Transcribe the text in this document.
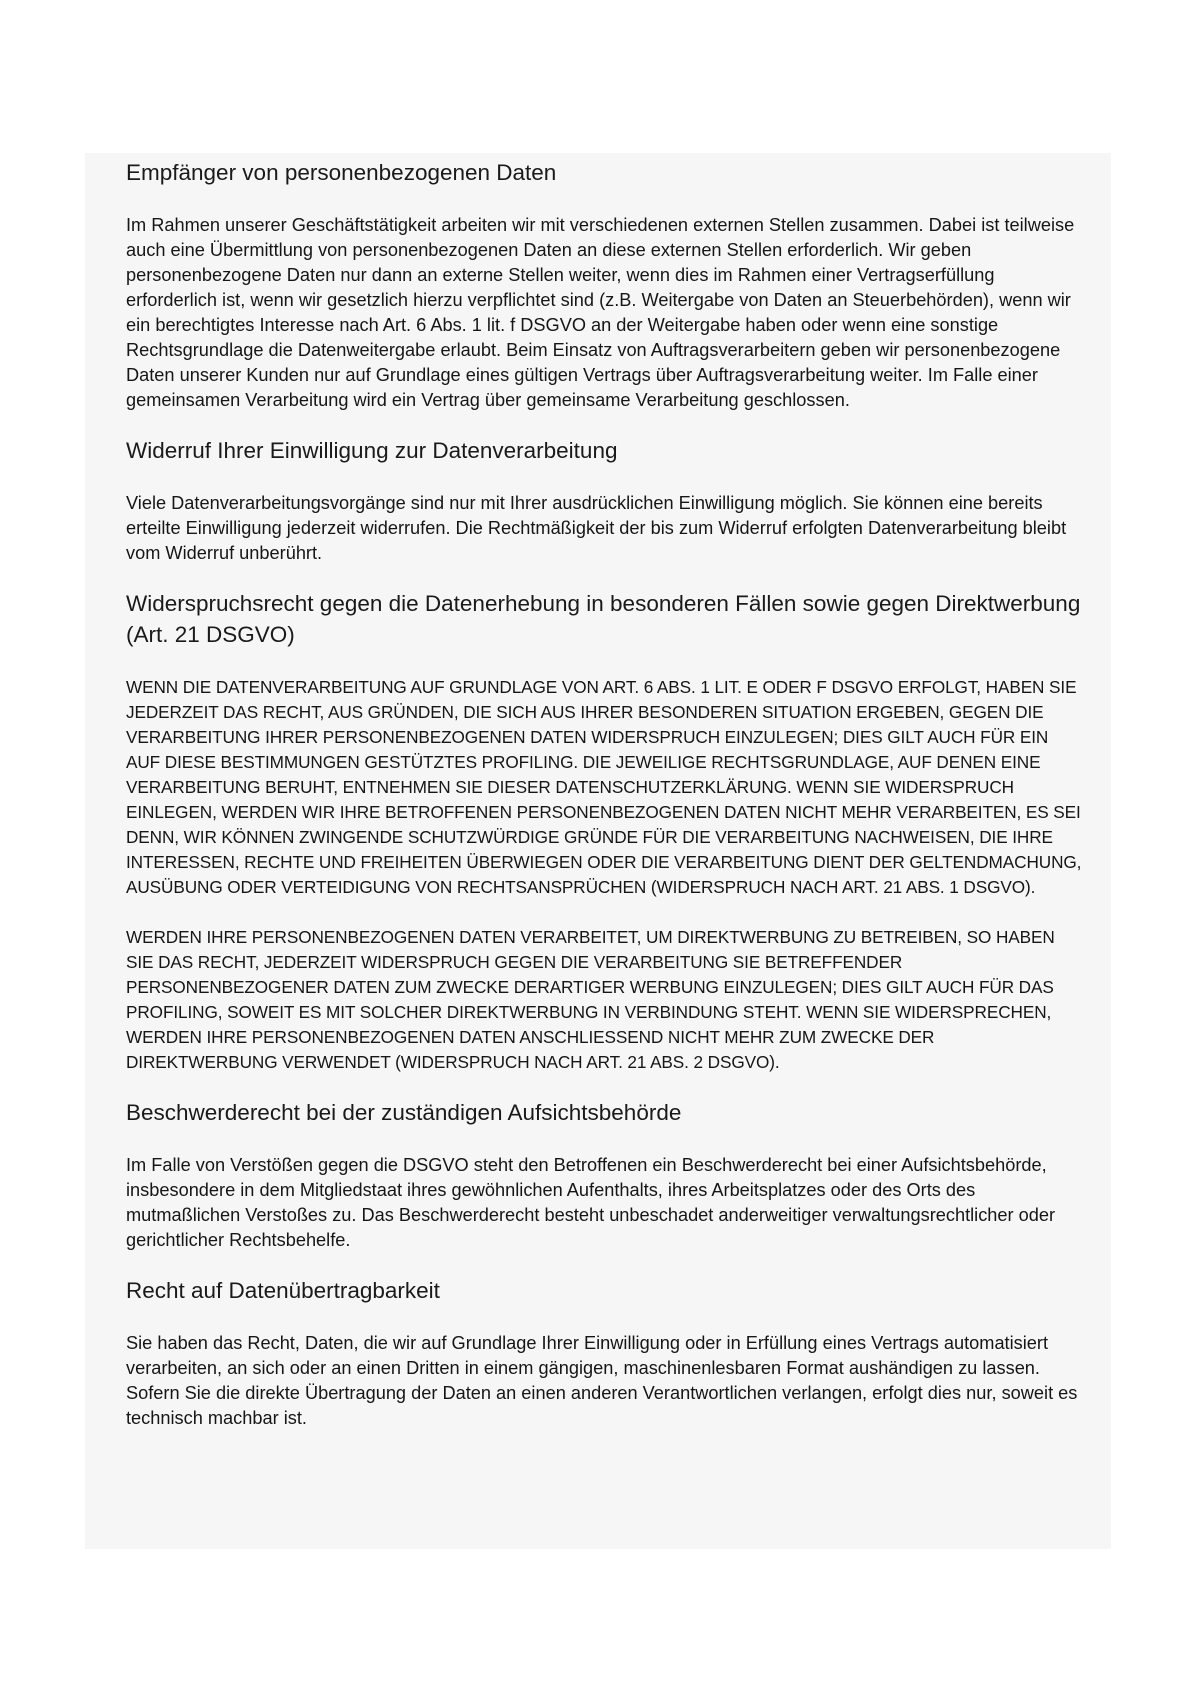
Empfänger von personenbezogenen Daten

Im Rahmen unserer Geschäftstätigkeit arbeiten wir mit verschiedenen externen Stellen zusammen. Dabei ist teilweise auch eine Übermittlung von personenbezogenen Daten an diese externen Stellen erforderlich. Wir geben personenbezogene Daten nur dann an externe Stellen weiter, wenn dies im Rahmen einer Vertragserfüllung erforderlich ist, wenn wir gesetzlich hierzu verpflichtet sind (z.B. Weitergabe von Daten an Steuerbehörden), wenn wir ein berechtigtes Interesse nach Art. 6 Abs. 1 lit. f DSGVO an der Weitergabe haben oder wenn eine sonstige Rechtsgrundlage die Datenweitergabe erlaubt. Beim Einsatz von Auftragsverarbeitern geben wir personenbezogene Daten unserer Kunden nur auf Grundlage eines gültigen Vertrags über Auftragsverarbeitung weiter. Im Falle einer gemeinsamen Verarbeitung wird ein Vertrag über gemeinsame Verarbeitung geschlossen.

Widerruf Ihrer Einwilligung zur Datenverarbeitung

Viele Datenverarbeitungsvorgänge sind nur mit Ihrer ausdrücklichen Einwilligung möglich. Sie können eine bereits erteilte Einwilligung jederzeit widerrufen. Die Rechtmäßigkeit der bis zum Widerruf erfolgten Datenverarbeitung bleibt vom Widerruf unberührt.

Widerspruchsrecht gegen die Datenerhebung in besonderen Fällen sowie gegen Direktwerbung (Art. 21 DSGVO)

WENN DIE DATENVERARBEITUNG AUF GRUNDLAGE VON ART. 6 ABS. 1 LIT. E ODER F DSGVO ERFOLGT, HABEN SIE JEDERZEIT DAS RECHT, AUS GRÜNDEN, DIE SICH AUS IHRER BESONDEREN SITUATION ERGEBEN, GEGEN DIE VERARBEITUNG IHRER PERSONENBEZOGENEN DATEN WIDERSPRUCH EINZULEGEN; DIES GILT AUCH FÜR EIN AUF DIESE BESTIMMUNGEN GESTÜTZTES PROFILING. DIE JEWEILIGE RECHTSGRUNDLAGE, AUF DENEN EINE VERARBEITUNG BERUHT, ENTNEHMEN SIE DIESER DATENSCHUTZERKLÄRUNG. WENN SIE WIDERSPRUCH EINLEGEN, WERDEN WIR IHRE BETROFFENEN PERSONENBEZOGENEN DATEN NICHT MEHR VERARBEITEN, ES SEI DENN, WIR KÖNNEN ZWINGENDE SCHUTZWÜRDIGE GRÜNDE FÜR DIE VERARBEITUNG NACHWEISEN, DIE IHRE INTERESSEN, RECHTE UND FREIHEITEN ÜBERWIEGEN ODER DIE VERARBEITUNG DIENT DER GELTENDMACHUNG, AUSÜBUNG ODER VERTEIDIGUNG VON RECHTSANSPRÜCHEN (WIDERSPRUCH NACH ART. 21 ABS. 1 DSGVO).

WERDEN IHRE PERSONENBEZOGENEN DATEN VERARBEITET, UM DIREKTWERBUNG ZU BETREIBEN, SO HABEN SIE DAS RECHT, JEDERZEIT WIDERSPRUCH GEGEN DIE VERARBEITUNG SIE BETREFFENDER PERSONENBEZOGENER DATEN ZUM ZWECKE DERARTIGER WERBUNG EINZULEGEN; DIES GILT AUCH FÜR DAS PROFILING, SOWEIT ES MIT SOLCHER DIREKTWERBUNG IN VERBINDUNG STEHT. WENN SIE WIDERSPRECHEN, WERDEN IHRE PERSONENBEZOGENEN DATEN ANSCHLIESSEND NICHT MEHR ZUM ZWECKE DER DIREKTWERBUNG VERWENDET (WIDERSPRUCH NACH ART. 21 ABS. 2 DSGVO).

Beschwerderecht bei der zuständigen Aufsichtsbehörde

Im Falle von Verstößen gegen die DSGVO steht den Betroffenen ein Beschwerderecht bei einer Aufsichtsbehörde, insbesondere in dem Mitgliedstaat ihres gewöhnlichen Aufenthalts, ihres Arbeitsplatzes oder des Orts des mutmaßlichen Verstoßes zu. Das Beschwerderecht besteht unbeschadet anderweitiger verwaltungsrechtlicher oder gerichtlicher Rechtsbehelfe.

Recht auf Datenübertragbarkeit

Sie haben das Recht, Daten, die wir auf Grundlage Ihrer Einwilligung oder in Erfüllung eines Vertrags automatisiert verarbeiten, an sich oder an einen Dritten in einem gängigen, maschinenlesbaren Format aushändigen zu lassen. Sofern Sie die direkte Übertragung der Daten an einen anderen Verantwortlichen verlangen, erfolgt dies nur, soweit es technisch machbar ist.
